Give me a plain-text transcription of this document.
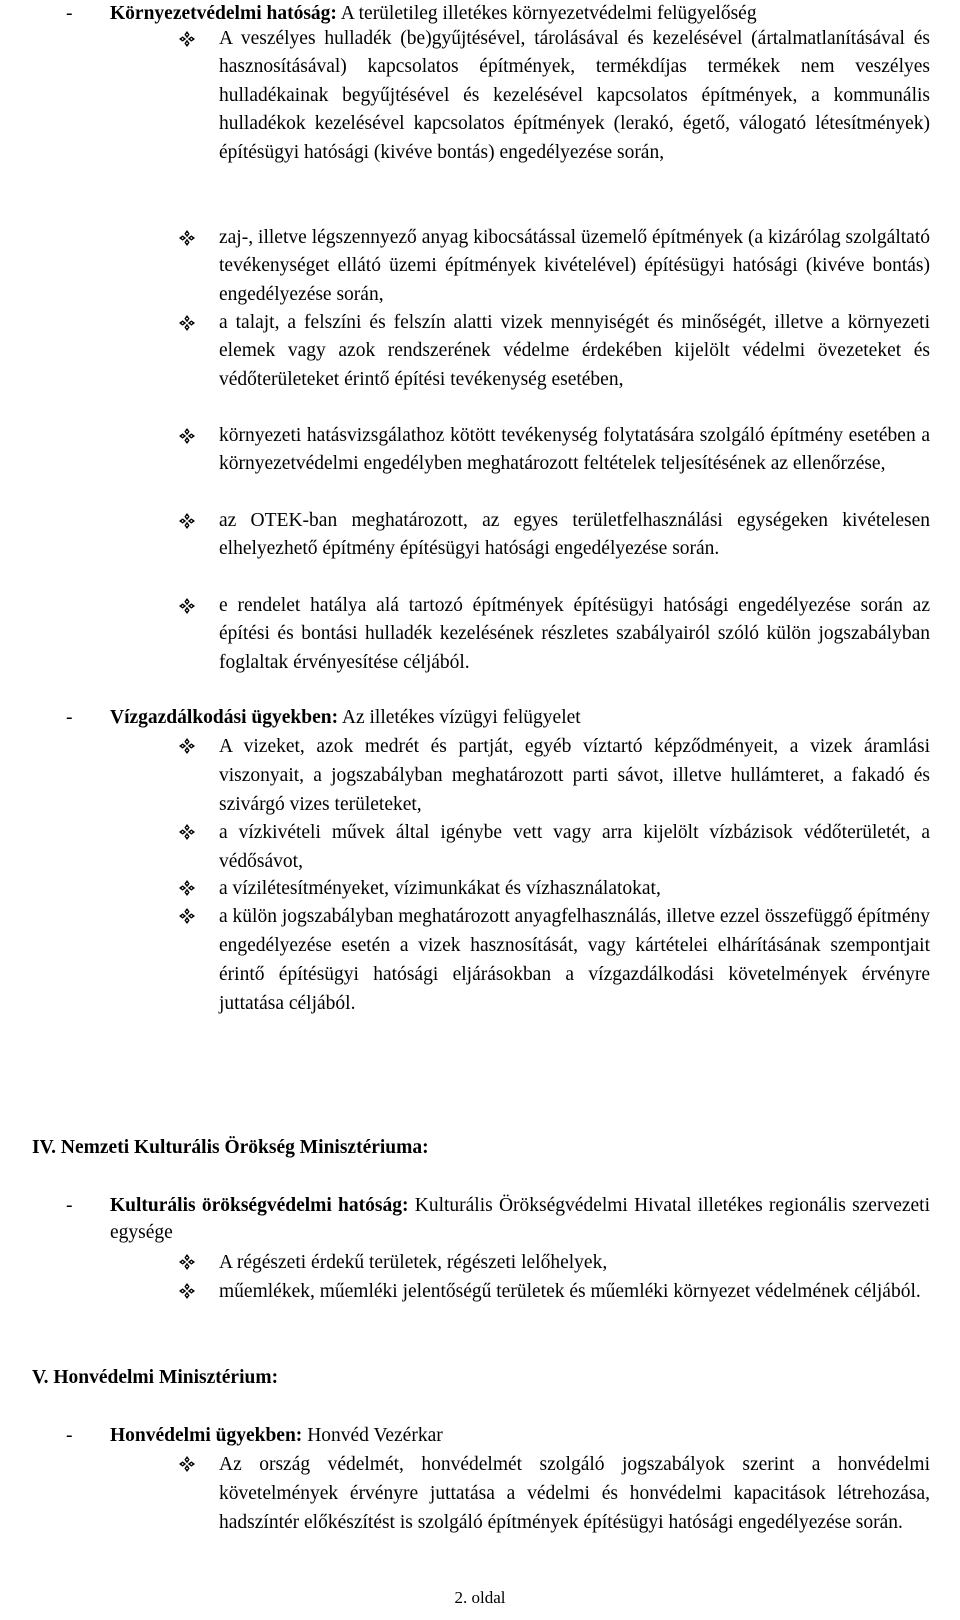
- Környezetvédelmi hatóság: A területileg illetékes környezetvédelmi felügyelőség
A veszélyes hulladék (be)gyűjtésével, tárolásával és kezelésével (ártalmatlanításával és hasznosításával) kapcsolatos építmények, termékdíjas termékek nem veszélyes hulladékainak begyűjtésével és kezelésével kapcsolatos építmények, a kommunális hulladékok kezelésével kapcsolatos építmények (lerakó, égető, válogató létesítmények) építésügyi hatósági (kivéve bontás) engedélyezése során,
zaj-, illetve légszennyező anyag kibocsátással üzemelő építmények (a kizárólag szolgáltató tevékenységet ellátó üzemi építmények kivételével) építésügyi hatósági (kivéve bontás) engedélyezése során,
a talajt, a felszíni és felszín alatti vizek mennyiségét és minőségét, illetve a környezeti elemek vagy azok rendszerének védelme érdekében kijelölt védelmi övezeteket és védőterületeket érintő építési tevékenység esetében,
környezeti hatásvizsgálathoz kötött tevékenység folytatására szolgáló építmény esetében a környezetvédelmi engedélyben meghatározott feltételek teljesítésének az ellenőrzése,
az OTEK-ban meghatározott, az egyes területfelhasználási egységeken kivételesen elhelyezhető építmény építésügyi hatósági engedélyezése során.
e rendelet hatálya alá tartozó építmények építésügyi hatósági engedélyezése során az építési és bontási hulladék kezelésének részletes szabályairól szóló külön jogszabályban foglaltak érvényesítése céljából.
- Vízgazdálkodási ügyekben: Az illetékes vízügyi felügyelet
A vizeket, azok medrét és partját, egyéb víztartó képződményeit, a vizek áramlási viszonyait, a jogszabályban meghatározott parti sávot, illetve hullámteret, a fakadó és szivárgó vizes területeket,
a vízkivételi művek által igénybe vett vagy arra kijelölt vízbázisok védőterületét, a védősávot,
a vízilétesítményeket, vízimunkákat és vízhasználatokat,
a külön jogszabályban meghatározott anyagfelhasználás, illetve ezzel összefüggő építmény engedélyezése esetén a vizek hasznosítását, vagy kártételei elhárításának szempontjait érintő építésügyi hatósági eljárásokban a vízgazdálkodási követelmények érvényre juttatása céljából.
IV. Nemzeti Kulturális Örökség Minisztériuma:
- Kulturális örökségvédelmi hatóság: Kulturális Örökségvédelmi Hivatal illetékes regionális szervezeti egysége
A régészeti érdekű területek, régészeti lelőhelyek,
műemlékek, műemléki jelentőségű területek és műemléki környezet védelmének céljából.
V. Honvédelmi Minisztérium:
- Honvédelmi ügyekben: Honvéd Vezérkar
Az ország védelmét, honvédelmét szolgáló jogszabályok szerint a honvédelmi követelmények érvényre juttatása a védelmi és honvédelmi kapacitások létrehozása, hadszíntér előkészítést is szolgáló építmények építésügyi hatósági engedélyezése során.
2. oldal
